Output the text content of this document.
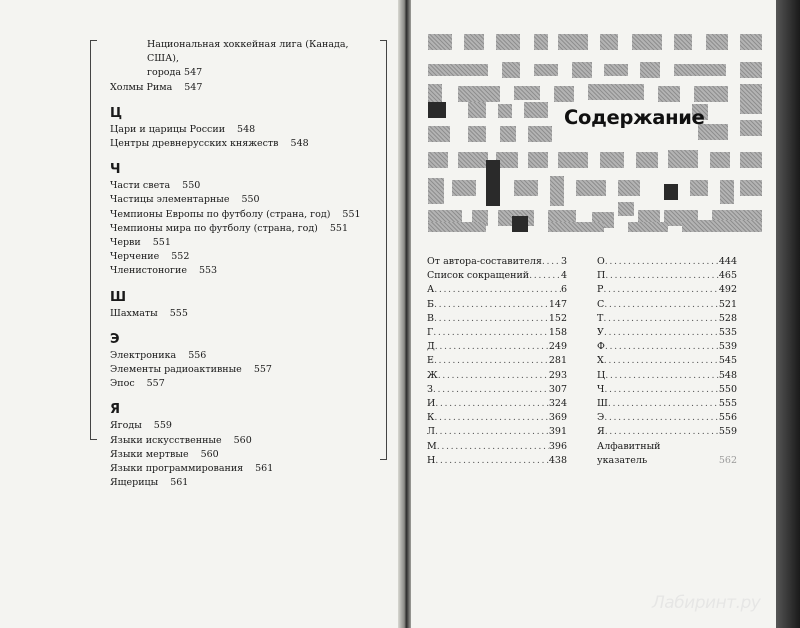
Национальная хоккейная лига (Канада, США),
города 547
Холмы Рима 547
Ц
Цари и царицы России 548
Центры древнерусских княжеств 548
Ч
Части света 550
Частицы элементарные 550
Чемпионы Европы по футболу (страна, год) 551
Чемпионы мира по футболу (страна, год) 551
Черви 551
Черчение 552
Членистоногие 553
Ш
Шахматы 555
Э
Электроника 556
Элементы радиоактивные 557
Эпос 557
Я
Ягоды 559
Языки искусственные 560
Языки мертвые 560
Языки программирования 561
Ящерицы 561
Содержание
От автора-составителя ..... 3
Список сокращений .....	4
А .....	6
Б .....	147
В .....	152
Г .....	158
Д .....	249
Е .....	281
Ж .....	293
З .....	307
И .....	324
К .....	369
Л .....	391
М .....	396
Н .....	438
О .....	444
П .....	465
Р .....	492
С .....	521
Т .....	528
У .....	535
Ф .....	539
Х .....	545
Ц .....	548
Ч .....	550
Ш .....	555
Э .....	556
Я .....	559
Алфавитный
указатель	562
Лабиринт.ру
